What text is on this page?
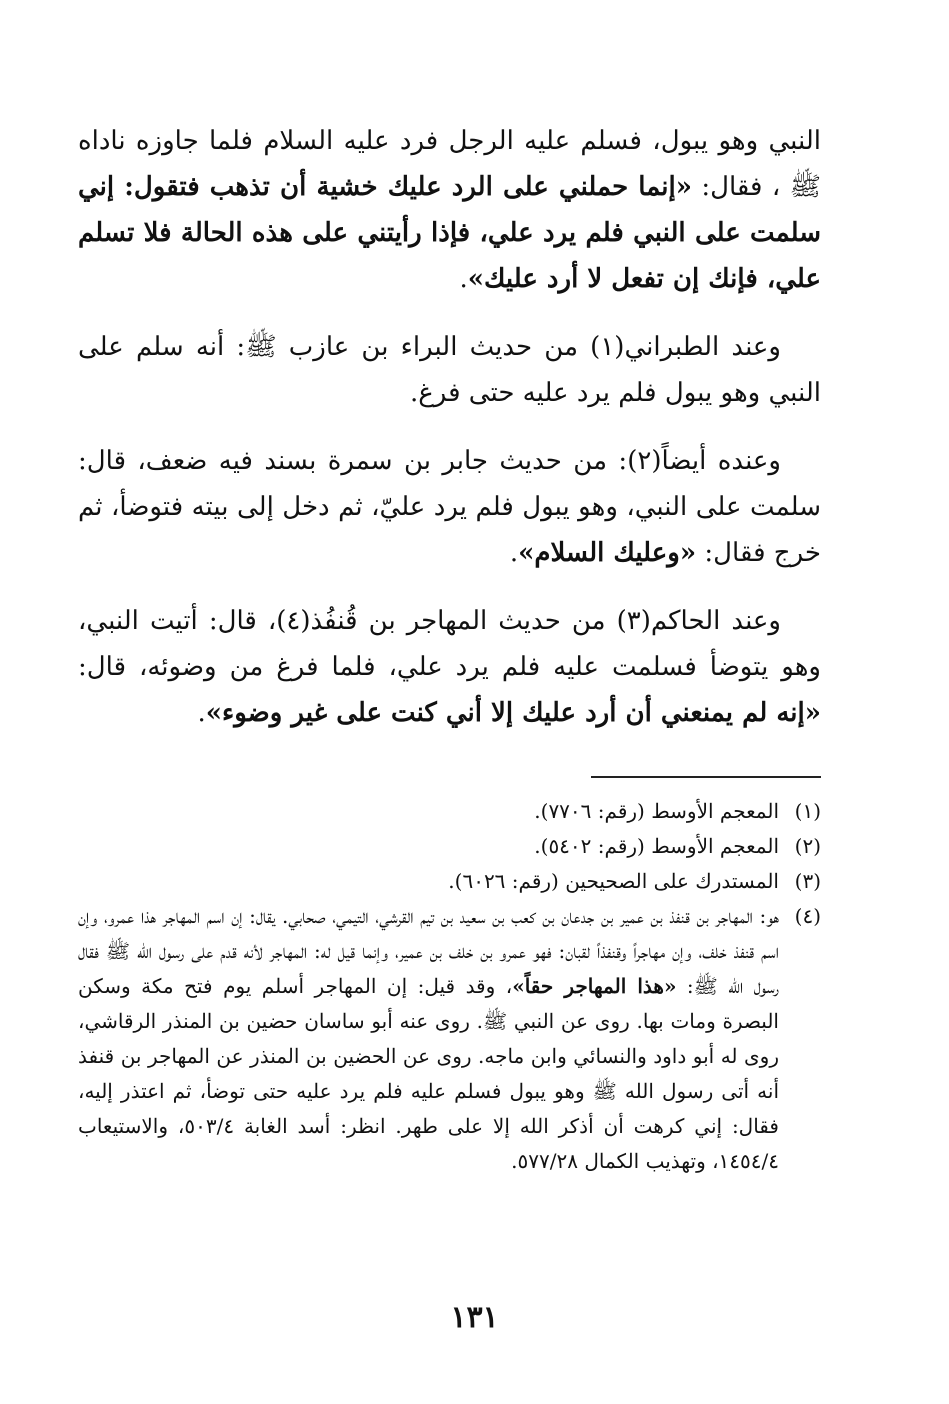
النبي وهو يبول، فسلم عليه الرجل فرد عليه السلام فلما جاوزه ناداه ﷺ ، فقال: «إنما حملني على الرد عليك خشية أن تذهب فتقول: إني سلمت على النبي فلم يرد علي، فإذا رأيتني على هذه الحالة فلا تسلم علي، فإنك إن تفعل لا أرد عليك».

وعند الطبراني(١) من حديث البراء بن عازب ﷺ: أنه سلم على النبي وهو يبول فلم يرد عليه حتى فرغ.

وعنده أيضاً(٢): من حديث جابر بن سمرة بسند فيه ضعف، قال: سلمت على النبي، وهو يبول فلم يرد عليّ، ثم دخل إلى بيته فتوضأ، ثم خرج فقال: «وعليك السلام».

وعند الحاكم(٣) من حديث المهاجر بن قُنفُذ(٤)، قال: أتيت النبي، وهو يتوضأ فسلمت عليه فلم يرد علي، فلما فرغ من وضوئه، قال: «إنه لم يمنعني أن أرد عليك إلا أني كنت على غير وضوء».

(١)
المعجم الأوسط (رقم: ٧٧٠٦).
(٢)
المعجم الأوسط (رقم: ٥٤٠٢).
(٣)
المستدرك على الصحيحين (رقم: ٦٠٢٦).
(٤)
هو: المهاجر بن قنفذ بن عمير بن جدعان بن كعب بن سعيد بن تيم القرشي، التيمي، صحابي. يقال: إن اسم المهاجر هذا عمرو، وإن اسم قنفذ خلف، وإن مهاجراً وقنفذاً لقبان: فهو عمرو بن خلف بن عمير، وإنما قيل له: المهاجر لأنه قدم على رسول الله ﷺ فقال رسول الله ﷺ: «هذا المهاجر حقاً»، وقد قيل: إن المهاجر أسلم يوم فتح مكة وسكن البصرة ومات بها. روى عن النبي ﷺ. روى عنه أبو ساسان حضين بن المنذر الرقاشي، روى له أبو داود والنسائي وابن ماجه. روى عن الحضين بن المنذر عن المهاجر بن قنفذ أنه أتى رسول الله ﷺ وهو يبول فسلم عليه فلم يرد عليه حتى توضأ، ثم اعتذر إليه، فقال: إني كرهت أن أذكر الله إلا على طهر. انظر: أسد الغابة ٥٠٣/٤، والاستيعاب ١٤٥٤/٤، وتهذيب الكمال ٥٧٧/٢٨.
١٣١
